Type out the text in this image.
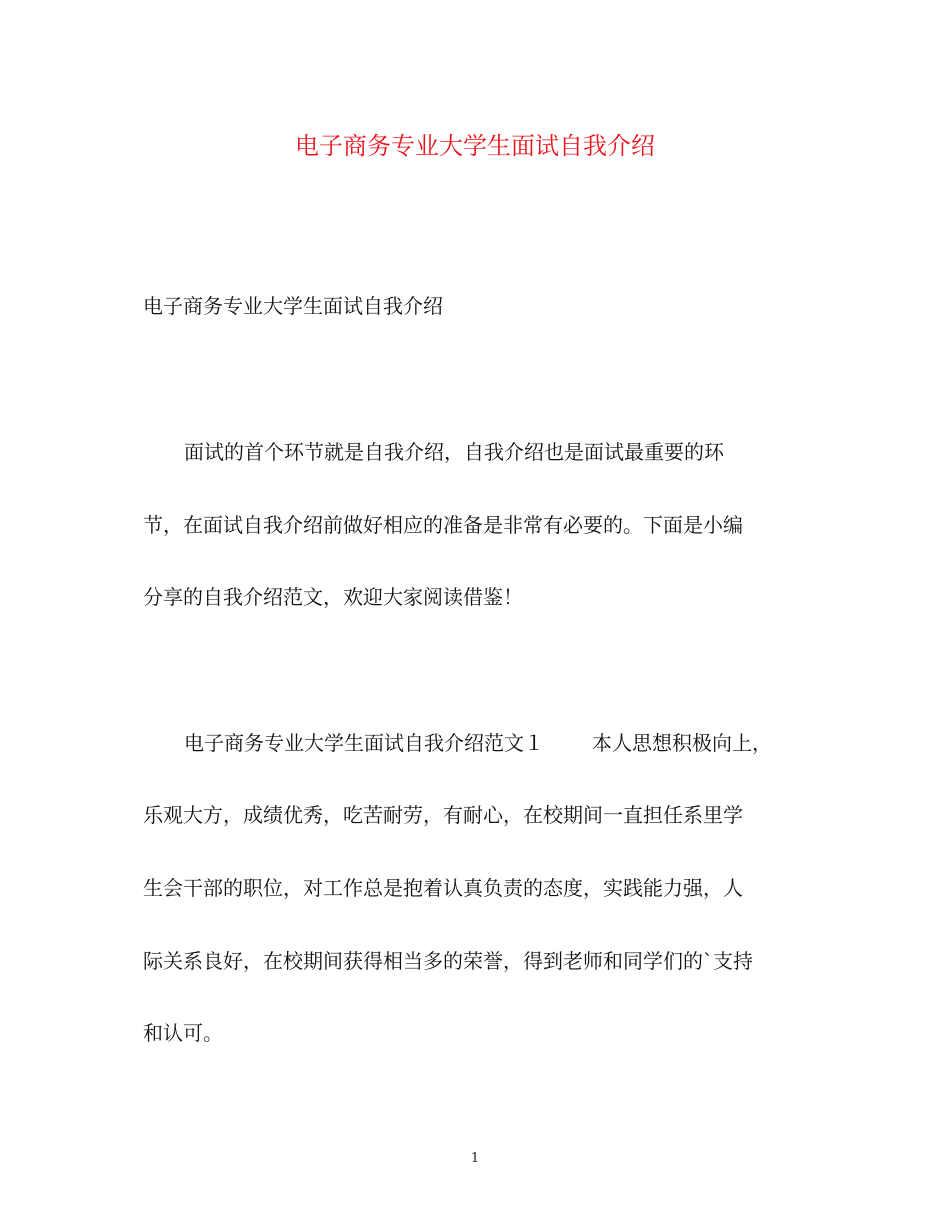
电子商务专业大学生面试自我介绍

电子商务专业大学生面试自我介绍

面试的首个环节就是自我介绍，自我介绍也是面试最重要的环

节，在面试自我介绍前做好相应的准备是非常有必要的。下面是小编

分享的自我介绍范文，欢迎大家阅读借鉴！

电子商务专业大学生面试自我介绍范文１ 本人思想积极向上，

乐观大方，成绩优秀，吃苦耐劳，有耐心，在校期间一直担任系里学

生会干部的职位，对工作总是抱着认真负责的态度，实践能力强，人

际关系良好，在校期间获得相当多的荣誉，得到老师和同学们的`支持

和认可。

1
